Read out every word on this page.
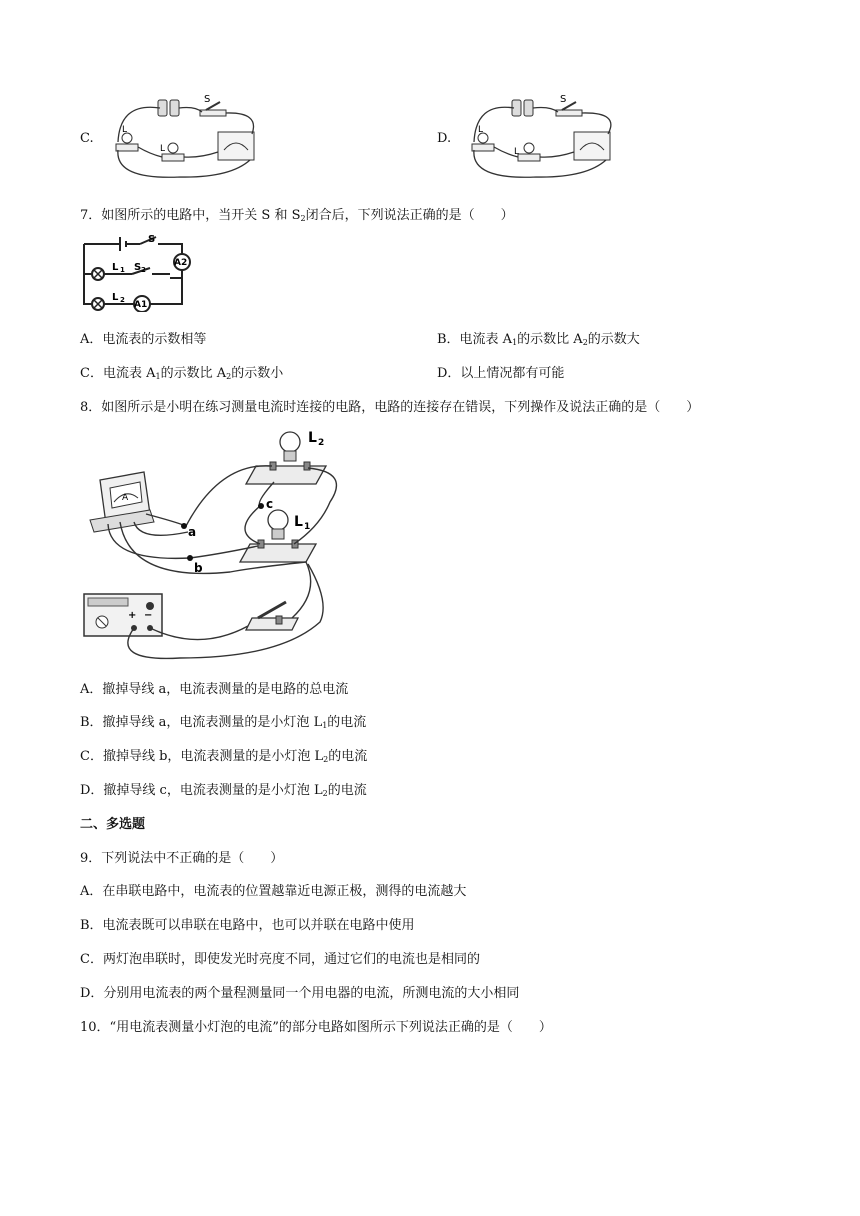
C.
S
L
L
D.
S
L
L
7．如图所示的电路中，当开关 S 和 $S_2$闭合后，下列说法正确的是（　　）
S
L 1 S 2
L 2
A2
A1
A．电流表的示数相等	B．电流表 $A_1$的示数比 $A_2$的示数大
C．电流表 $A_1$的示数比 $A_2$的示数小	D．以上情况都有可能
8．如图所示是小明在练习测量电流时连接的电路，电路的连接存在错误，下列操作及说法正确的是（　　）
L 2
L 1
A
+ −
a
b
c
A．撤掉导线 a，电流表测量的是电路的总电流
B．撤掉导线 a，电流表测量的是小灯泡 $L_1$的电流
C．撤掉导线 b，电流表测量的是小灯泡 $L_2$的电流
D．撤掉导线 c，电流表测量的是小灯泡 $L_2$的电流
二、多选题
9．下列说法中不正确的是（　　）
A．在串联电路中，电流表的位置越靠近电源正极，测得的电流越大
B．电流表既可以串联在电路中，也可以并联在电路中使用
C．两灯泡串联时，即使发光时亮度不同，通过它们的电流也是相同的
D．分别用电流表的两个量程测量同一个用电器的电流，所测电流的大小相同
10．“用电流表测量小灯泡的电流”的部分电路如图所示下列说法正确的是（　　）
